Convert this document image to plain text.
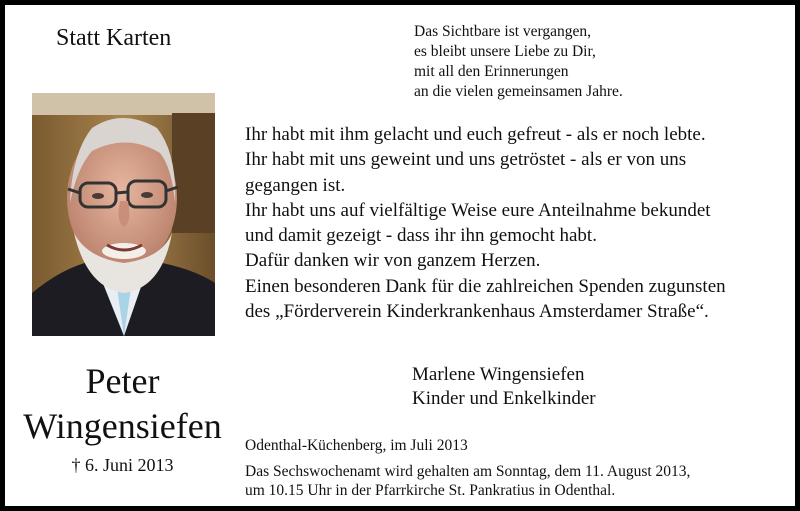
Statt Karten	Das Sichtbare ist vergangen,
es bleibt unsere Liebe zu Dir,
mit all den Erinnerungen
an die vielen gemeinsamen Jahre.
Ihr habt mit ihm gelacht und euch gefreut - als er noch lebte.
Ihr habt mit uns geweint und uns getröstet - als er von uns
gegangen ist.
Ihr habt uns auf vielfältige Weise eure Anteilnahme bekundet
und damit gezeigt - dass ihr ihn gemocht habt.
Dafür danken wir von ganzem Herzen.
Einen besonderen Dank für die zahlreichen Spenden zugunsten
des „Förderverein Kinderkrankenhaus Amsterdamer Straße“.
Peter
Wingensiefen
† 6. Juni 2013
Marlene Wingensiefen
Kinder und Enkelkinder
Odenthal-Küchenberg, im Juli 2013
Das Sechswochenamt wird gehalten am Sonntag, dem 11. August 2013,
um 10.15 Uhr in der Pfarrkirche St. Pankratius in Odenthal.
